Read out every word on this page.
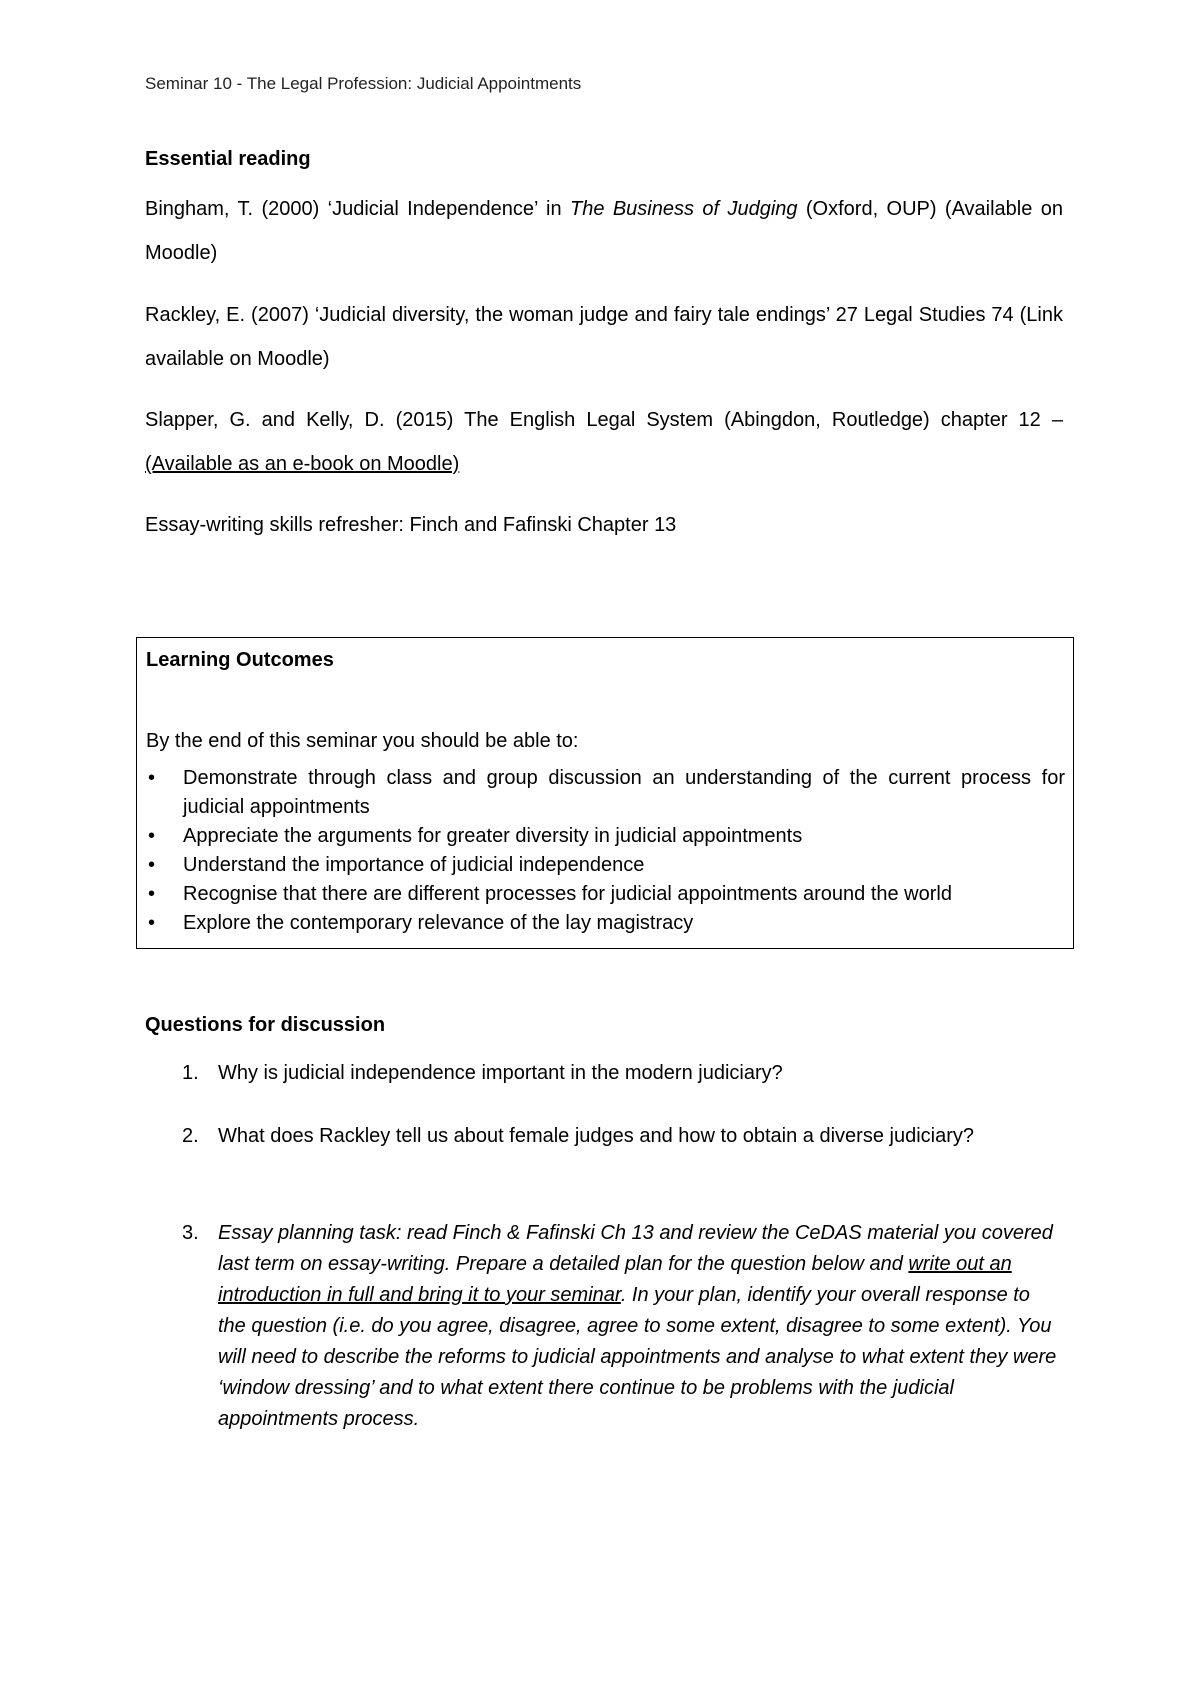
Seminar 10 - The Legal Profession: Judicial Appointments
Essential reading

Bingham, T. (2000) ‘Judicial Independence’ in The Business of Judging (Oxford, OUP) (Available on Moodle)

Rackley, E. (2007) ‘Judicial diversity, the woman judge and fairy tale endings’ 27 Legal Studies 74 (Link available on Moodle)

Slapper, G. and Kelly, D. (2015) The English Legal System (Abingdon, Routledge) chapter 12 – (Available as an e-book on Moodle)

Essay-writing skills refresher: Finch and Fafinski Chapter 13

Learning Outcomes
By the end of this seminar you should be able to:
• Demonstrate through class and group discussion an understanding of the current process for judicial appointments
• Appreciate the arguments for greater diversity in judicial appointments
• Understand the importance of judicial independence
• Recognise that there are different processes for judicial appointments around the world
• Explore the contemporary relevance of the lay magistracy
Questions for discussion
1. Why is judicial independence important in the modern judiciary?
2. What does Rackley tell us about female judges and how to obtain a diverse judiciary?
3. Essay planning task: read Finch & Fafinski Ch 13 and review the CeDAS material you covered last term on essay-writing. Prepare a detailed plan for the question below and write out an introduction in full and bring it to your seminar. In your plan, identify your overall response to the question (i.e. do you agree, disagree, agree to some extent, disagree to some extent). You will need to describe the reforms to judicial appointments and analyse to what extent they were ‘window dressing’ and to what extent there continue to be problems with the judicial appointments process.
